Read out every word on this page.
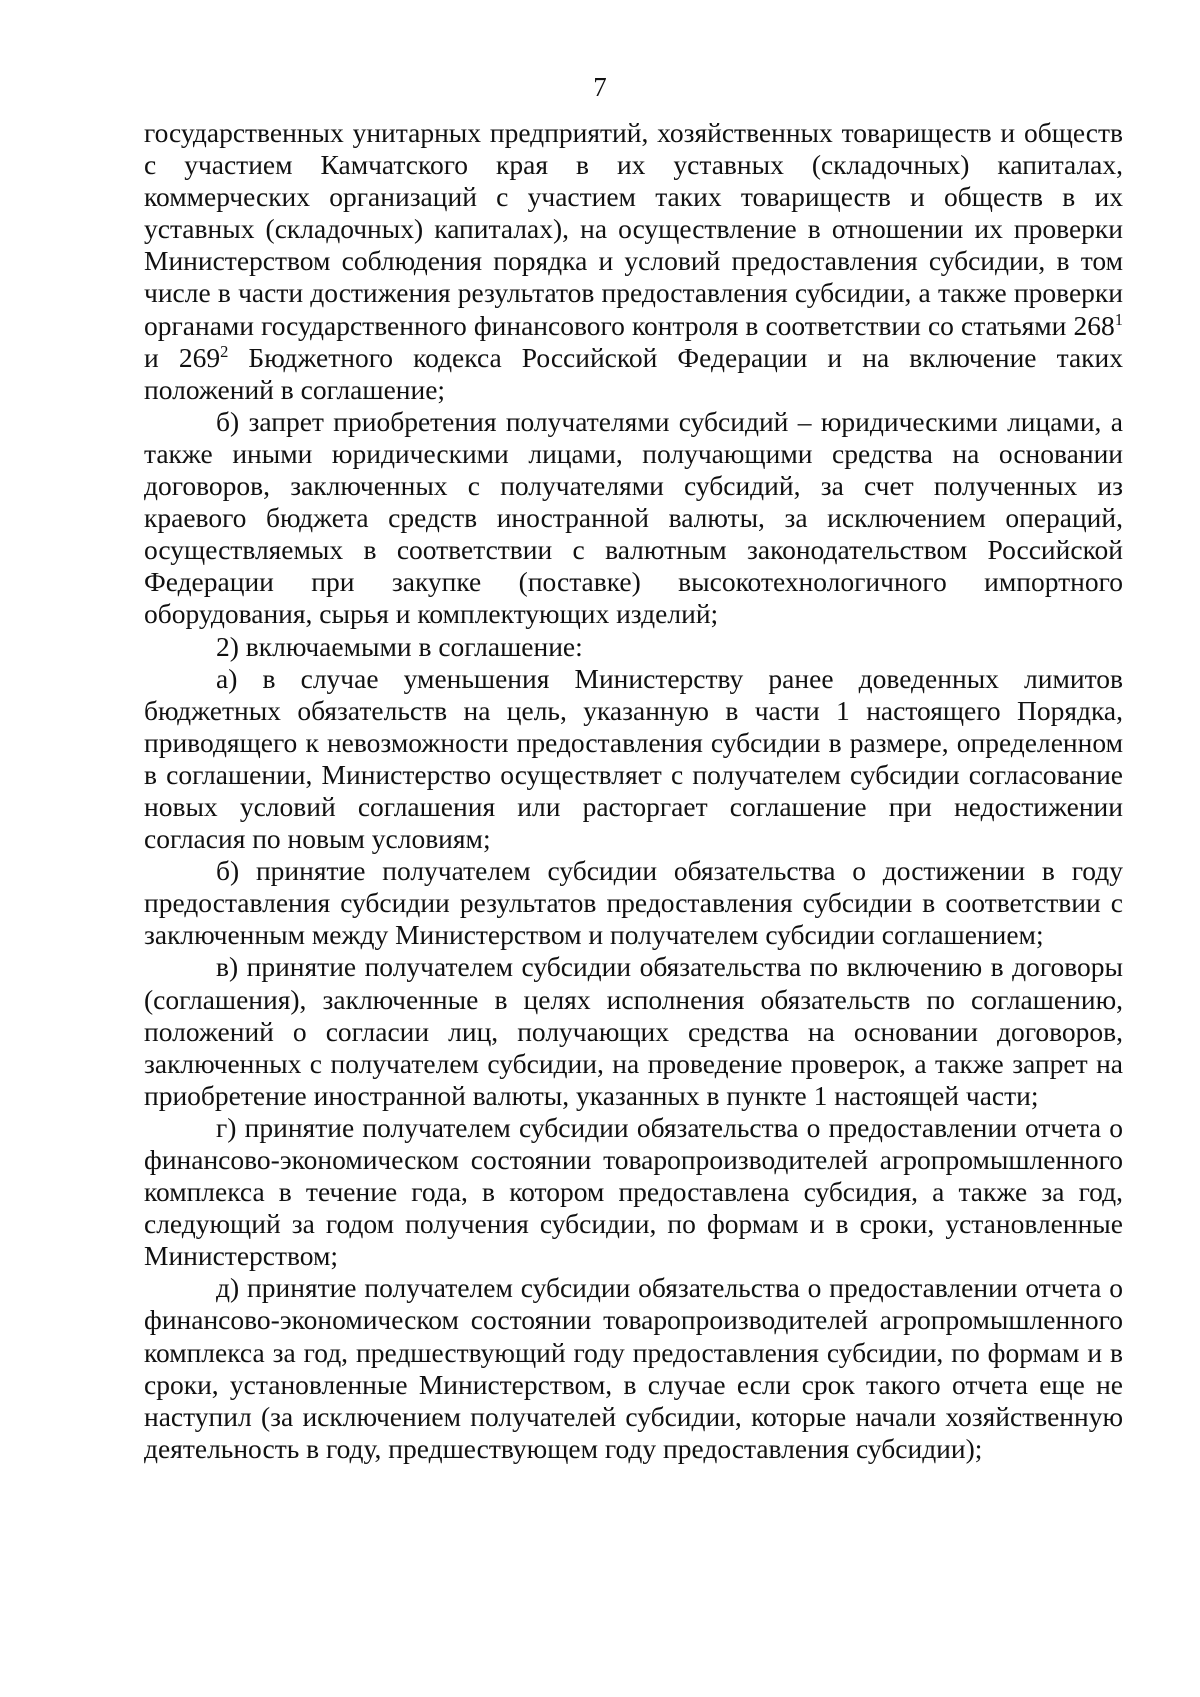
7

государственных унитарных предприятий, хозяйственных товариществ и обществ с участием Камчатского края в их уставных (складочных) капиталах, коммерческих организаций с участием таких товариществ и обществ в их уставных (складочных) капиталах), на осуществление в отношении их проверки Министерством соблюдения порядка и условий предоставления субсидии, в том числе в части достижения результатов предоставления субсидии, а также проверки органами государственного финансового контроля в соответствии со статьями $268^1$ и $269^2$ Бюджетного кодекса Российской Федерации и на включение таких положений в соглашение;

б) запрет приобретения получателями субсидий – юридическими лицами, а также иными юридическими лицами, получающими средства на основании договоров, заключенных с получателями субсидий, за счет полученных из краевого бюджета средств иностранной валюты, за исключением операций, осуществляемых в соответствии с валютным законодательством Российской Федерации при закупке (поставке) высокотехнологичного импортного оборудования, сырья и комплектующих изделий;

2) включаемыми в соглашение:

а) в случае уменьшения Министерству ранее доведенных лимитов бюджетных обязательств на цель, указанную в части 1 настоящего Порядка, приводящего к невозможности предоставления субсидии в размере, определенном в соглашении, Министерство осуществляет с получателем субсидии согласование новых условий соглашения или расторгает соглашение при недостижении согласия по новым условиям;

б) принятие получателем субсидии обязательства о достижении в году предоставления субсидии результатов предоставления субсидии в соответствии с заключенным между Министерством и получателем субсидии соглашением;

в) принятие получателем субсидии обязательства по включению в договоры (соглашения), заключенные в целях исполнения обязательств по соглашению, положений о согласии лиц, получающих средства на основании договоров, заключенных с получателем субсидии, на проведение проверок, а также запрет на приобретение иностранной валюты, указанных в пункте 1 настоящей части;

г) принятие получателем субсидии обязательства о предоставлении отчета о финансово-экономическом состоянии товаропроизводителей агропромышленного комплекса в течение года, в котором предоставлена субсидия, а также за год, следующий за годом получения субсидии, по формам и в сроки, установленные Министерством;

д) принятие получателем субсидии обязательства о предоставлении отчета о финансово-экономическом состоянии товаропроизводителей агропромышленного комплекса за год, предшествующий году предоставления субсидии, по формам и в сроки, установленные Министерством, в случае если срок такого отчета еще не наступил (за исключением получателей субсидии, которые начали хозяйственную деятельность в году, предшествующем году предоставления субсидии);
